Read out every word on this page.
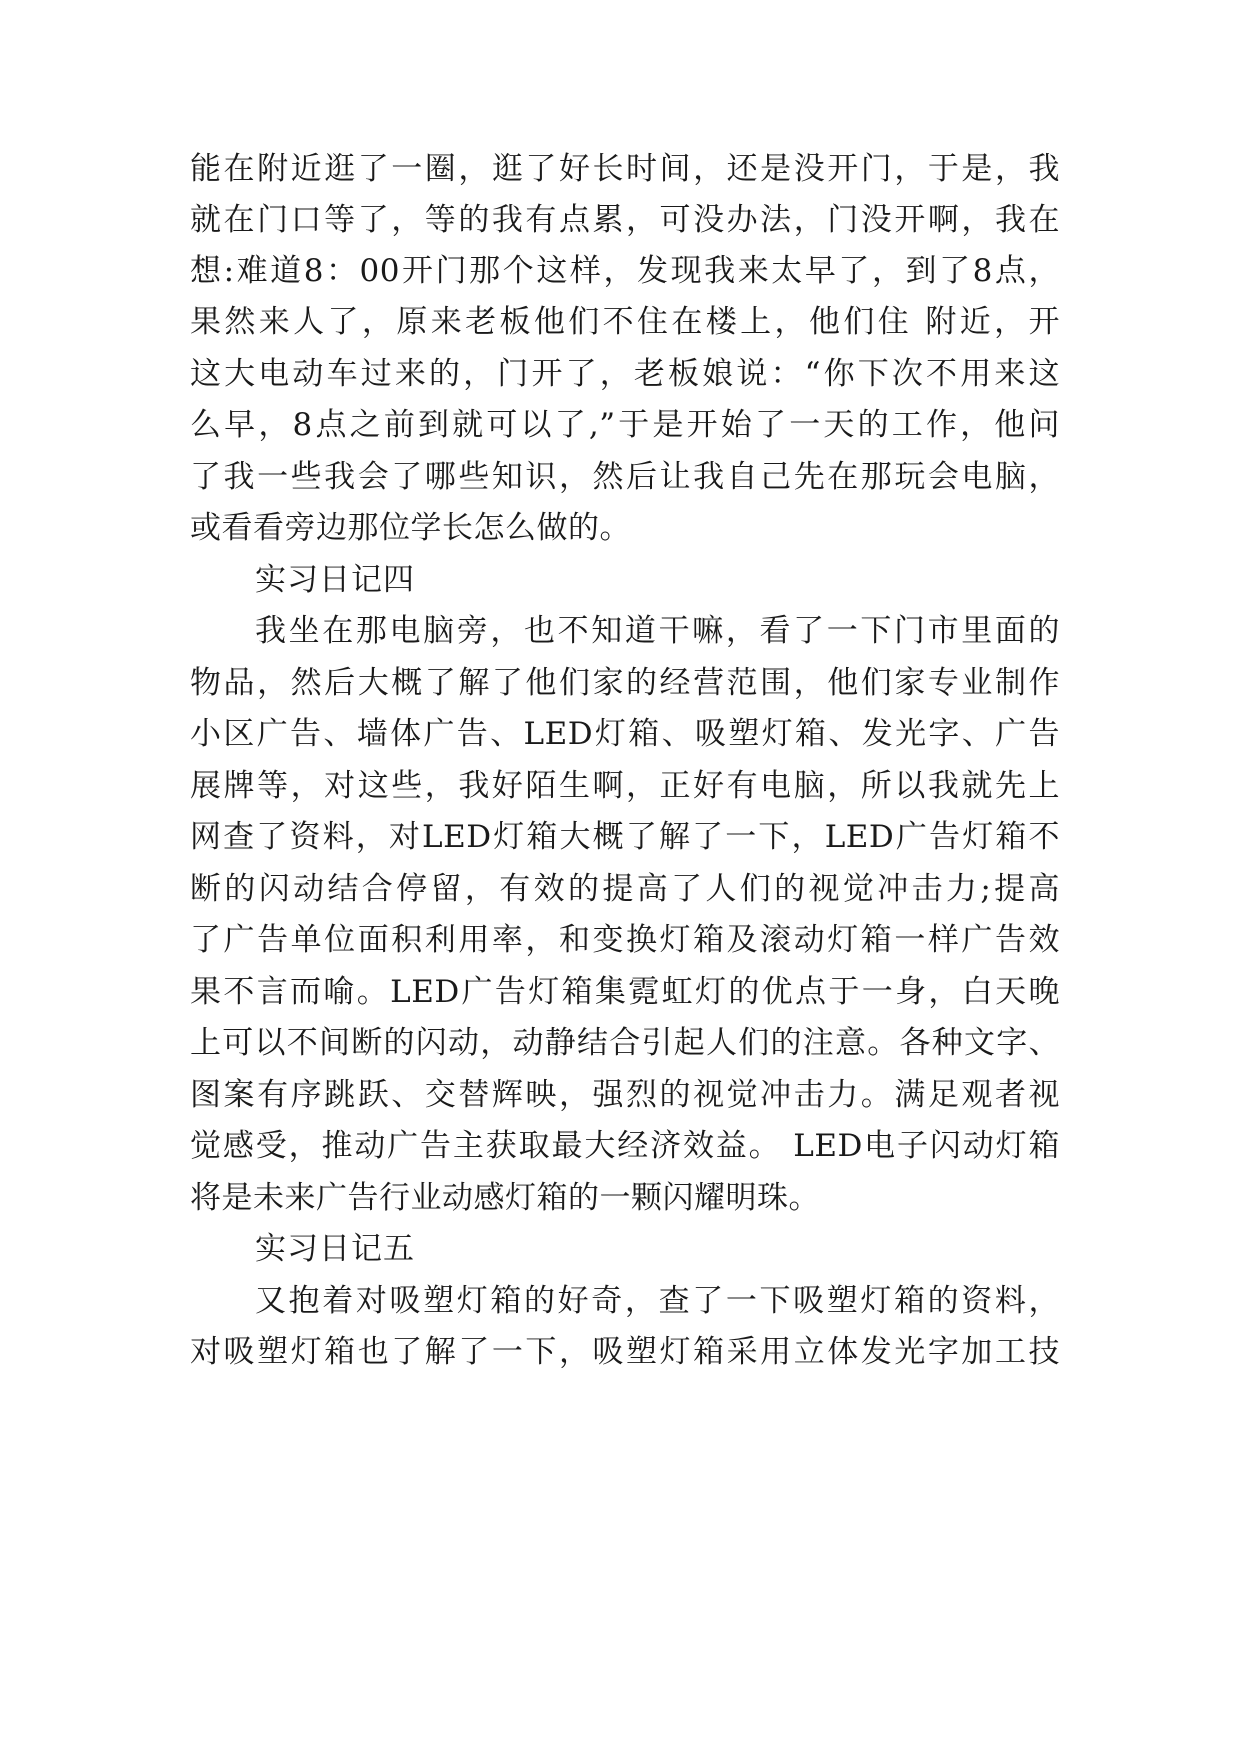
能在附近逛了一圈，逛了好长时间，还是没开门，于是，我
就在门口等了，等的我有点累，可没办法，门没开啊，我在
想:难道8：00开门那个这样，发现我来太早了，到了8点，
果然来人了，原来老板他们不住在楼上，他们住 附近，开
这大电动车过来的，门开了，老板娘说：“你下次不用来这
么早，8点之前到就可以了,”于是开始了一天的工作，他问
了我一些我会了哪些知识，然后让我自己先在那玩会电脑，
或看看旁边那位学长怎么做的。
实习日记四
我坐在那电脑旁，也不知道干嘛，看了一下门市里面的
物品，然后大概了解了他们家的经营范围，他们家专业制作
小区广告、墙体广告、LED灯箱、吸塑灯箱、发光字、广告
展牌等，对这些，我好陌生啊，正好有电脑，所以我就先上
网查了资料，对LED灯箱大概了解了一下，LED广告灯箱不
断的闪动结合停留，有效的提高了人们的视觉冲击力;提高
了广告单位面积利用率，和变换灯箱及滚动灯箱一样广告效
果不言而喻。LED广告灯箱集霓虹灯的优点于一身，白天晚
上可以不间断的闪动，动静结合引起人们的注意。各种文字、
图案有序跳跃、交替辉映，强烈的视觉冲击力。满足观者视
觉感受，推动广告主获取最大经济效益。 LED电子闪动灯箱
将是未来广告行业动感灯箱的一颗闪耀明珠。
实习日记五
又抱着对吸塑灯箱的好奇，查了一下吸塑灯箱的资料，
对吸塑灯箱也了解了一下，吸塑灯箱采用立体发光字加工技
